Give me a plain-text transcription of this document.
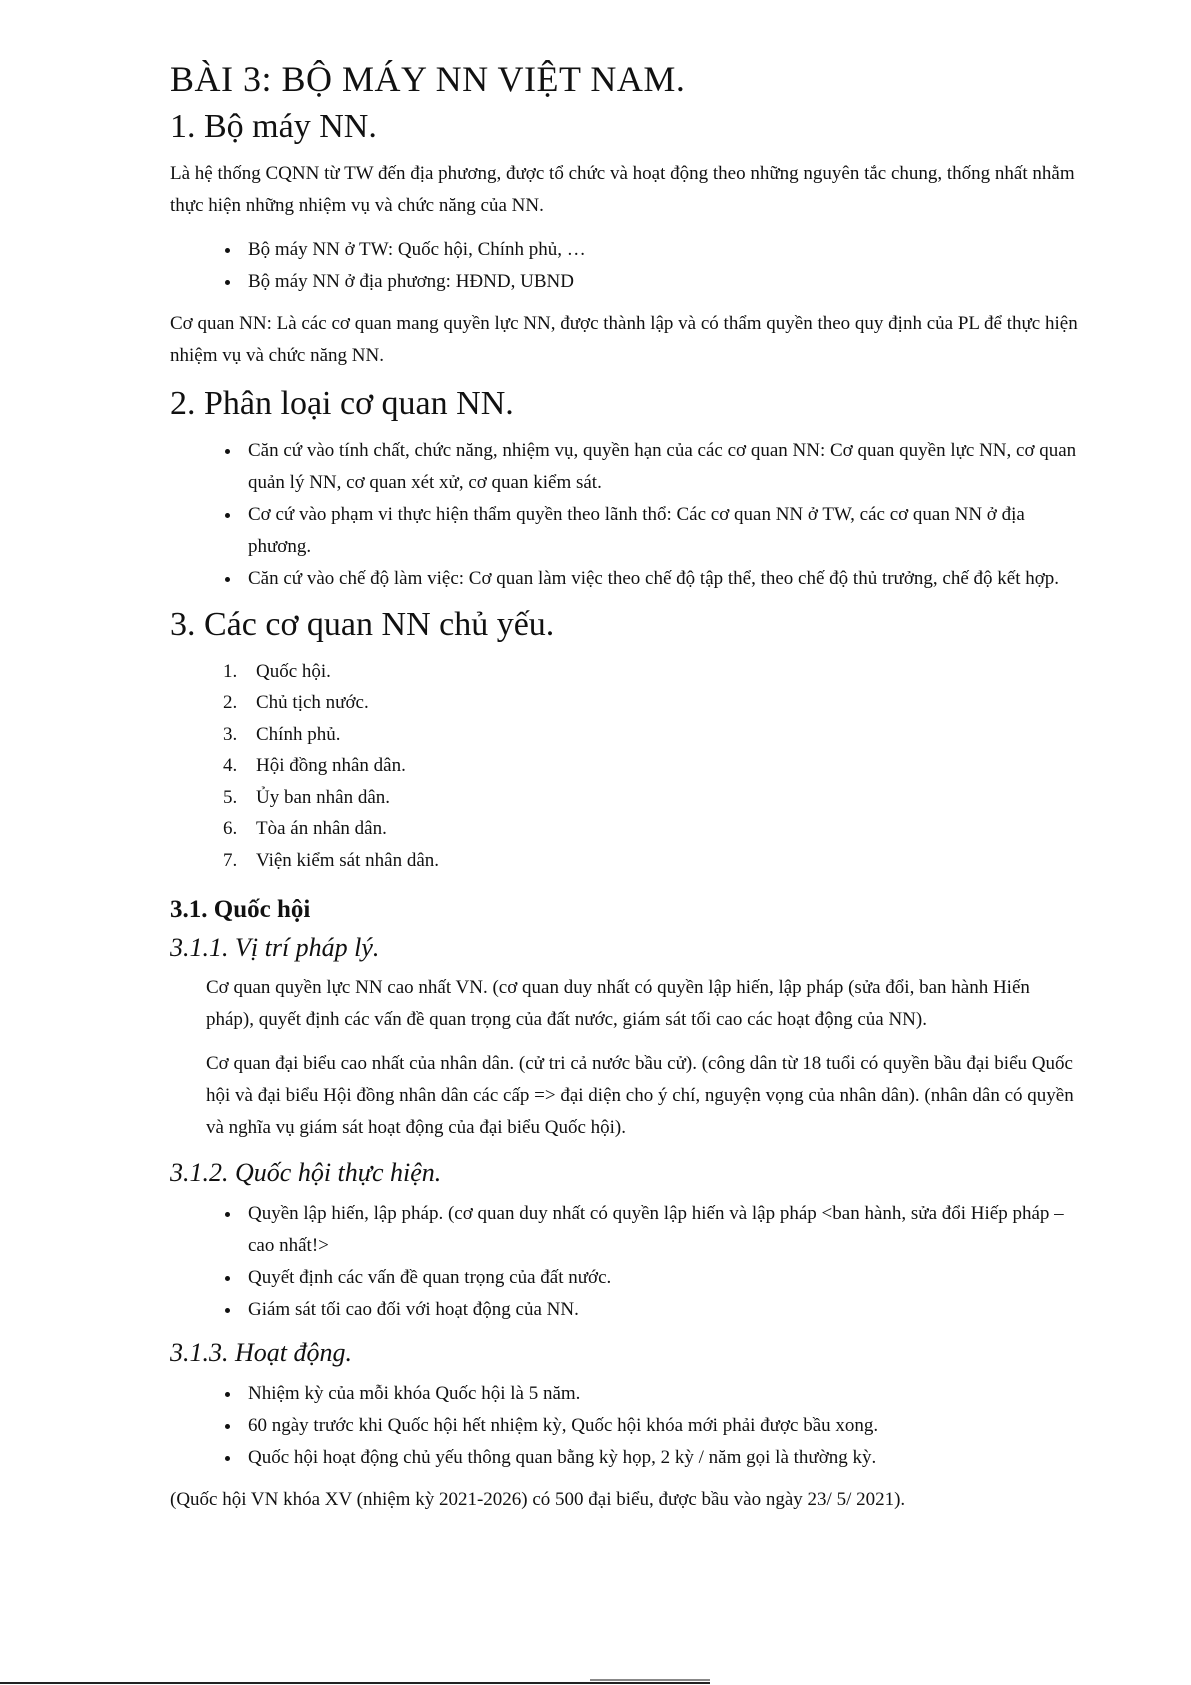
BÀI 3: BỘ MÁY NN VIỆT NAM.
1. Bộ máy NN.

Là hệ thống CQNN từ TW đến địa phương, được tổ chức và hoạt động theo những nguyên tắc chung, thống nhất nhằm thực hiện những nhiệm vụ và chức năng của NN.

• Bộ máy NN ở TW: Quốc hội, Chính phủ, …
• Bộ máy NN ở địa phương: HĐND, UBND

Cơ quan NN: Là các cơ quan mang quyền lực NN, được thành lập và có thẩm quyền theo quy định của PL để thực hiện nhiệm vụ và chức năng NN.

2. Phân loại cơ quan NN.
• Căn cứ vào tính chất, chức năng, nhiệm vụ, quyền hạn của các cơ quan NN: Cơ quan quyền lực NN, cơ quan quản lý NN, cơ quan xét xử, cơ quan kiểm sát.
• Cơ cứ vào phạm vi thực hiện thẩm quyền theo lãnh thổ: Các cơ quan NN ở TW, các cơ quan NN ở địa phương.
• Căn cứ vào chế độ làm việc: Cơ quan làm việc theo chế độ tập thể, theo chế độ thủ trưởng, chế độ kết hợp.
3. Các cơ quan NN chủ yếu.
1. Quốc hội.
2. Chủ tịch nước.
3. Chính phủ.
4. Hội đồng nhân dân.
5. Ủy ban nhân dân.
6. Tòa án nhân dân.
7. Viện kiểm sát nhân dân.
3.1. Quốc hội
3.1.1. Vị trí pháp lý.

Cơ quan quyền lực NN cao nhất VN. (cơ quan duy nhất có quyền lập hiến, lập pháp (sửa đổi, ban hành Hiến pháp), quyết định các vấn đề quan trọng của đất nước, giám sát tối cao các hoạt động của NN).

Cơ quan đại biểu cao nhất của nhân dân. (cử tri cả nước bầu cử). (công dân từ 18 tuổi có quyền bầu đại biểu Quốc hội và đại biểu Hội đồng nhân dân các cấp => đại diện cho ý chí, nguyện vọng của nhân dân). (nhân dân có quyền và nghĩa vụ giám sát hoạt động của đại biểu Quốc hội).

3.1.2. Quốc hội thực hiện.
• Quyền lập hiến, lập pháp. (cơ quan duy nhất có quyền lập hiến và lập pháp <ban hành, sửa đổi Hiếp pháp – cao nhất!>
• Quyết định các vấn đề quan trọng của đất nước.
• Giám sát tối cao đối với hoạt động của NN.
3.1.3. Hoạt động.
• Nhiệm kỳ của mỗi khóa Quốc hội là 5 năm.
• 60 ngày trước khi Quốc hội hết nhiệm kỳ, Quốc hội khóa mới phải được bầu xong.
• Quốc hội hoạt động chủ yếu thông quan bằng kỳ họp, 2 kỳ / năm gọi là thường kỳ.

(Quốc hội VN khóa XV (nhiệm kỳ 2021-2026) có 500 đại biểu, được bầu vào ngày 23/ 5/ 2021).
